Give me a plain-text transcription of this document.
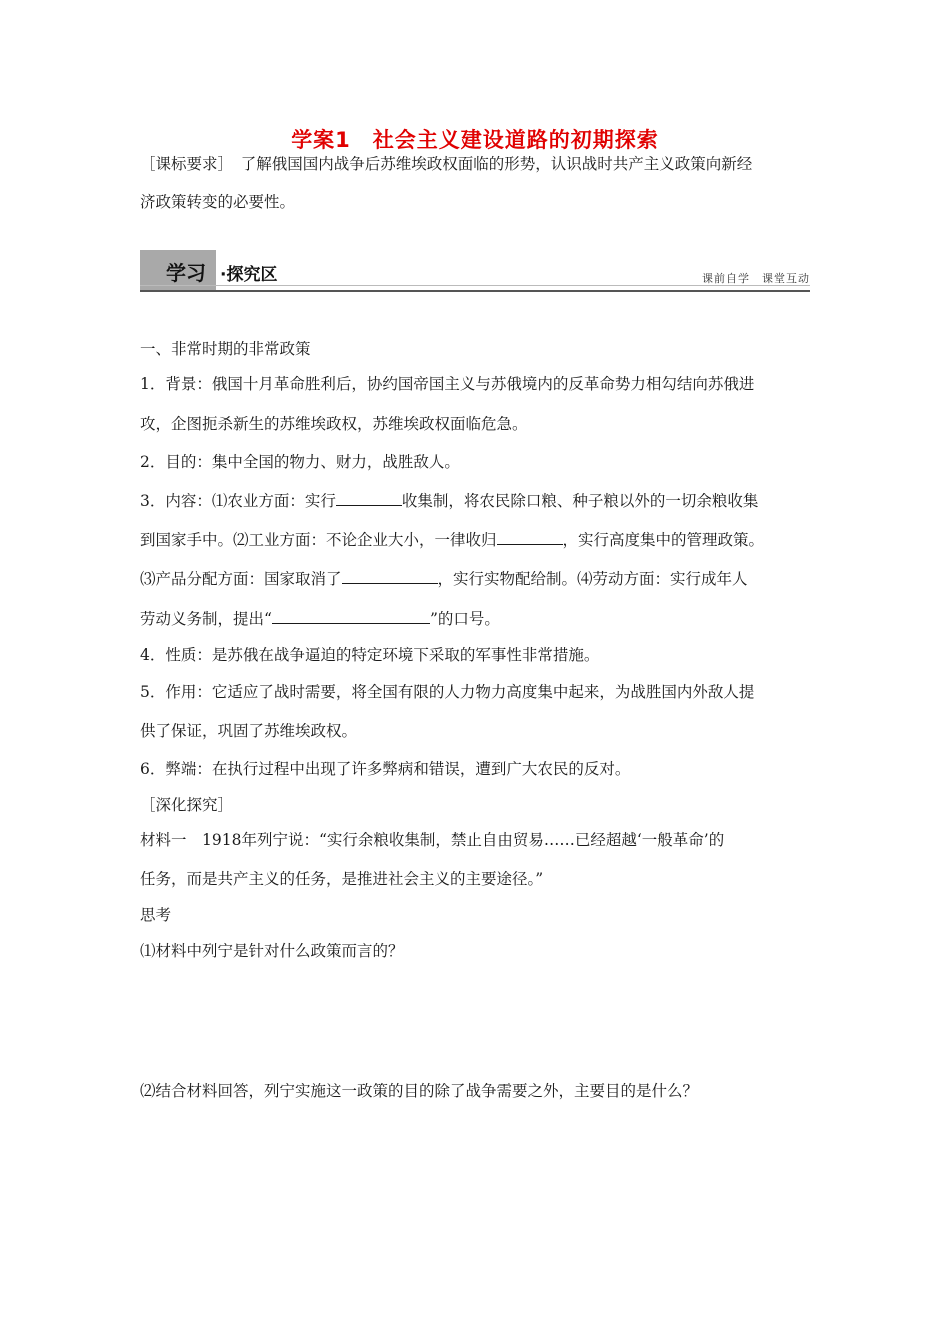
学案1　社会主义建设道路的初期探索
［课标要求］　了解俄国国内战争后苏维埃政权面临的形势，认识战时共产主义政策向新经
济政策转变的必要性。
学习 ·探究区	课前自学　课堂互动
一、非常时期的非常政策
1．背景：俄国十月革命胜利后，协约国帝国主义与苏俄境内的反革命势力相勾结向苏俄进
攻，企图扼杀新生的苏维埃政权，苏维埃政权面临危急。
2．目的：集中全国的物力、财力，战胜敌人。
3．内容：⑴农业方面：实行	收集制，将农民除口粮、种子粮以外的一切余粮收集
到国家手中。⑵工业方面：不论企业大小，一律收归	，实行高度集中的管理政策。
⑶产品分配方面：国家取消了	，实行实物配给制。⑷劳动方面：实行成年人
劳动义务制，提出“	”的口号。
4．性质：是苏俄在战争逼迫的特定环境下采取的军事性非常措施。
5．作用：它适应了战时需要，将全国有限的人力物力高度集中起来，为战胜国内外敌人提
供了保证，巩固了苏维埃政权。
6．弊端：在执行过程中出现了许多弊病和错误，遭到广大农民的反对。
［深化探究］
材料一　1918年列宁说：“实行余粮收集制，禁止自由贸易……已经超越‘一般革命’的
任务，而是共产主义的任务，是推进社会主义的主要途径。”
思考
⑴材料中列宁是针对什么政策而言的？
⑵结合材料回答，列宁实施这一政策的目的除了战争需要之外，主要目的是什么？
